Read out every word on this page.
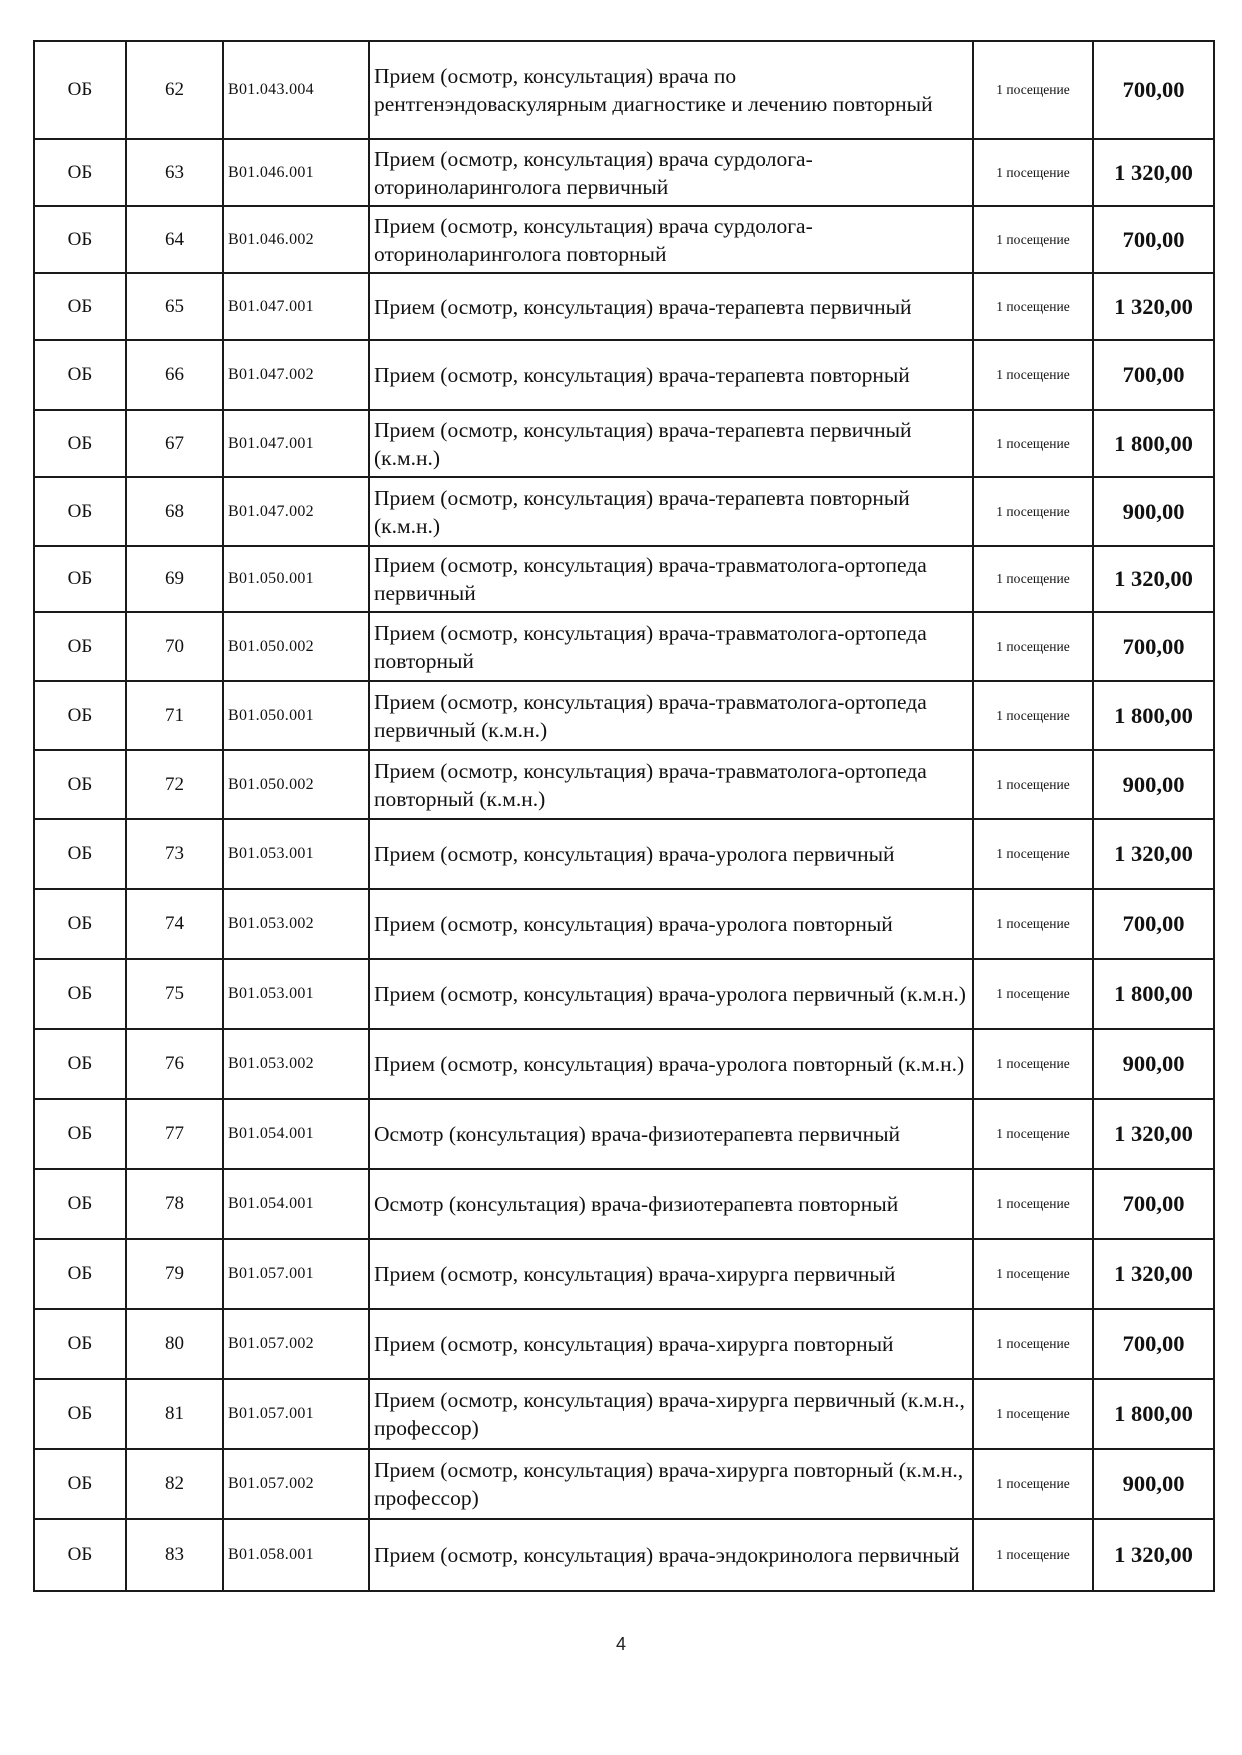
ОБ	62	B01.043.004	Прием (осмотр, консультация) врача по рентгенэндоваскулярным диагностике и лечению повторный	1 посещение	700,00
ОБ	63	B01.046.001	Прием (осмотр, консультация) врача сурдолога-оториноларинголога первичный	1 посещение	1 320,00
ОБ	64	B01.046.002	Прием (осмотр, консультация) врача сурдолога-оториноларинголога повторный	1 посещение	700,00
ОБ	65	B01.047.001	Прием (осмотр, консультация) врача-терапевта первичный	1 посещение	1 320,00
ОБ	66	B01.047.002	Прием (осмотр, консультация) врача-терапевта повторный	1 посещение	700,00
ОБ	67	B01.047.001	Прием (осмотр, консультация) врача-терапевта первичный (к.м.н.)	1 посещение	1 800,00
ОБ	68	B01.047.002	Прием (осмотр, консультация) врача-терапевта повторный (к.м.н.)	1 посещение	900,00
ОБ	69	B01.050.001	Прием (осмотр, консультация) врача-травматолога-ортопеда первичный	1 посещение	1 320,00
ОБ	70	B01.050.002	Прием (осмотр, консультация) врача-травматолога-ортопеда повторный	1 посещение	700,00
ОБ	71	B01.050.001	Прием (осмотр, консультация) врача-травматолога-ортопеда первичный (к.м.н.)	1 посещение	1 800,00
ОБ	72	B01.050.002	Прием (осмотр, консультация) врача-травматолога-ортопеда повторный (к.м.н.)	1 посещение	900,00
ОБ	73	B01.053.001	Прием (осмотр, консультация) врача-уролога первичный	1 посещение	1 320,00
ОБ	74	B01.053.002	Прием (осмотр, консультация) врача-уролога повторный	1 посещение	700,00
ОБ	75	B01.053.001	Прием (осмотр, консультация) врача-уролога первичный (к.м.н.)	1 посещение	1 800,00
ОБ	76	B01.053.002	Прием (осмотр, консультация) врача-уролога повторный (к.м.н.)	1 посещение	900,00
ОБ	77	B01.054.001	Осмотр (консультация) врача-физиотерапевта первичный	1 посещение	1 320,00
ОБ	78	B01.054.001	Осмотр (консультация) врача-физиотерапевта повторный	1 посещение	700,00
ОБ	79	B01.057.001	Прием (осмотр, консультация) врача-хирурга первичный	1 посещение	1 320,00
ОБ	80	B01.057.002	Прием (осмотр, консультация) врача-хирурга повторный	1 посещение	700,00
ОБ	81	B01.057.001	Прием (осмотр, консультация) врача-хирурга первичный (к.м.н., профессор)	1 посещение	1 800,00
ОБ	82	B01.057.002	Прием (осмотр, консультация) врача-хирурга повторный (к.м.н., профессор)	1 посещение	900,00
ОБ	83	B01.058.001	Прием (осмотр, консультация) врача-эндокринолога первичный	1 посещение	1 320,00
4
